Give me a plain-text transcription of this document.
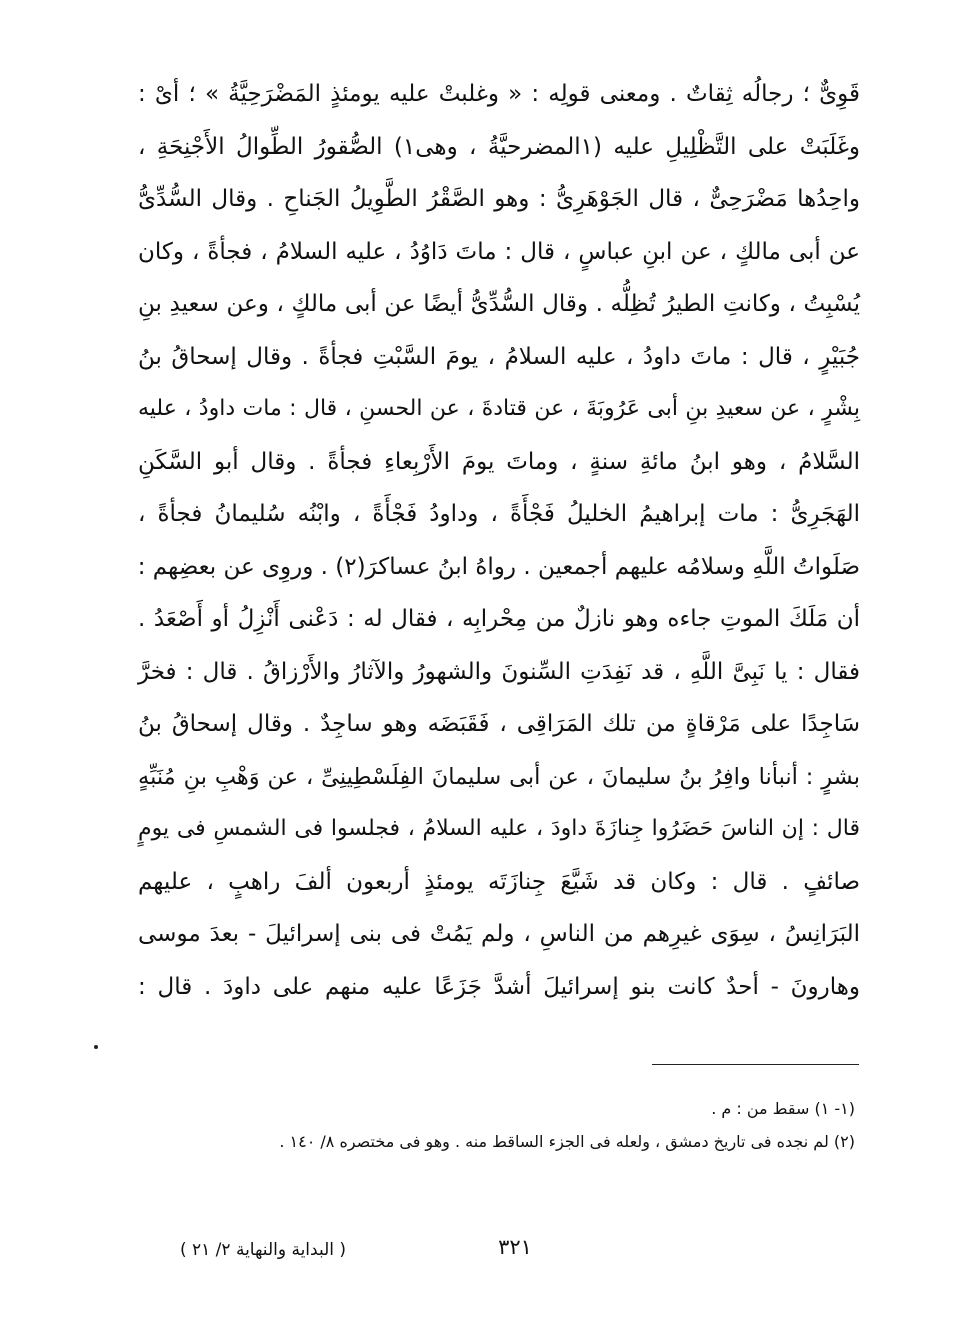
قَوِىٌّ ؛ رجالُه ثِقاتٌ . ومعنى قولِه : « وغلبتْ عليه يومئذٍ المَضْرَحِيَّةُ » ؛ أىْ :
وغَلَبَتْ على التَّظْلِيلِ عليه (١المضرحيَّةُ ، وهى١) الصُّقورُ الطِّوالُ الأَجْنِحَةِ ،
واحِدُها مَضْرَحِىٌّ ، قال الجَوْهَرِىُّ : وهو الصَّقْرُ الطَّوِيلُ الجَناحِ . وقال السُّدِّىُّ
عن أبى مالكٍ ، عن ابنِ عباسٍ ، قال : ماتَ دَاوُدُ ، عليه السلامُ ، فجأةً ، وكان
يُسْبِتُ ، وكانتِ الطيرُ تُظِلُّه . وقال السُّدِّىُّ أيضًا عن أبى مالكٍ ، وعن سعيدِ بنِ
جُبَيْرٍ ، قال : ماتَ داودُ ، عليه السلامُ ، يومَ السَّبْتِ فجأةً . وقال إسحاقُ بنُ
بِشْرٍ ، عن سعيدِ بنِ أبى عَرُوبَةَ ، عن قتادةَ ، عن الحسنِ ، قال : مات داودُ ، عليه
السَّلامُ ، وهو ابنُ مائةِ سنةٍ ، وماتَ يومَ الأَرْبِعاءِ فجأةً . وقال أبو السَّكَنِ
الهَجَرِىُّ : مات إبراهيمُ الخليلُ فَجْأَةً ، وداودُ فَجْأَةً ، وابْنُه سُليمانُ فجأةً ،
صَلَواتُ اللَّهِ وسلامُه عليهم أجمعين . رواهُ ابنُ عساكرَ(٢) . وروِى عن بعضِهم :
أن مَلَكَ الموتِ جاءه وهو نازلٌ من مِحْرابِه ، فقال له : دَعْنى أَنْزِلُ أو أَصْعَدُ .
فقال : يا نَبِىَّ اللَّهِ ، قد نَفِدَتِ السِّنونَ والشهورُ والآثارُ والأَرْزاقُ . قال : فخرَّ
سَاجِدًا على مَرْقاةٍ من تلك المَرَاقِى ، فَقَبَضَه وهو ساجِدٌ . وقال إسحاقُ بنُ
بشرٍ : أنبأنا وافِرُ بنُ سليمانَ ، عن أبى سليمانَ الفِلَسْطِينِىِّ ، عن وَهْبِ بنِ مُنَبِّهٍ
قال : إن الناسَ حَضَرُوا جِنازَةَ داودَ ، عليه السلامُ ، فجلسوا فى الشمسِ فى يومٍ
صائفٍ . قال : وكان قد شَيَّعَ جِنازَتَه يومئذٍ أربعون ألفَ راهبٍ ، عليهم
البَرَانِسُ ، سِوَى غيرِهم من الناسِ ، ولم يَمُتْ فى بنى إسرائيلَ - بعدَ موسى
وهارونَ - أحدٌ كانت بنو إسرائيلَ أشدَّ جَزَعًا عليه منهم على داودَ . قال :
(١- ١) سقط من : م .
(٢) لم نجده فى تاريخ دمشق ، ولعله فى الجزء الساقط منه . وهو فى مختصره ٨/ ١٤٠ .
٣٢١
( البداية والنهاية ٢/ ٢١ )
